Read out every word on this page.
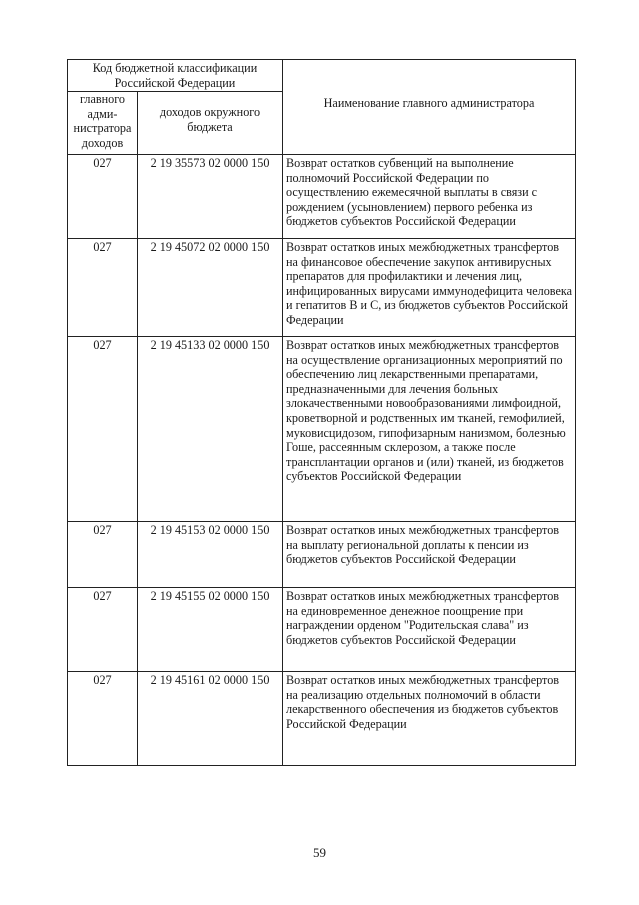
Код бюджетной классификации Российской Федерации		Наименование главного администратора
главного адми-нистратора доходов	доходов окружного бюджета	
027	2 19 35573 02 0000 150	Возврат остатков субвенций на выполнение полномочий Российской Федерации по осуществлению ежемесячной выплаты в связи с рождением (усыновлением) первого ребенка из бюджетов субъектов Российской Федерации
027	2 19 45072 02 0000 150	Возврат остатков иных межбюджетных трансфертов на финансовое обеспечение закупок антивирусных препаратов для профилактики и лечения лиц, инфицированных вирусами иммунодефицита человека и гепатитов В и С, из бюджетов субъектов Российской Федерации
027	2 19 45133 02 0000 150	Возврат остатков иных межбюджетных трансфертов на осуществление организационных мероприятий по обеспечению лиц лекарственными препаратами, предназначенными для лечения больных злокачественными новообразованиями лимфоидной, кроветворной и родственных им тканей, гемофилией, муковисцидозом, гипофизарным нанизмом, болезнью Гоше, рассеянным склерозом, а также после трансплантации органов и (или) тканей, из бюджетов субъектов Российской Федерации
027	2 19 45153 02 0000 150	Возврат остатков иных межбюджетных трансфертов на выплату региональной доплаты к пенсии из бюджетов субъектов Российской Федерации
027	2 19 45155 02 0000 150	Возврат остатков иных межбюджетных трансфертов на единовременное денежное поощрение при награждении орденом "Родительская слава" из бюджетов субъектов Российской Федерации
027	2 19 45161 02 0000 150	Возврат остатков иных межбюджетных трансфертов на реализацию отдельных полномочий в области лекарственного обеспечения из бюджетов субъектов Российской Федерации
59
